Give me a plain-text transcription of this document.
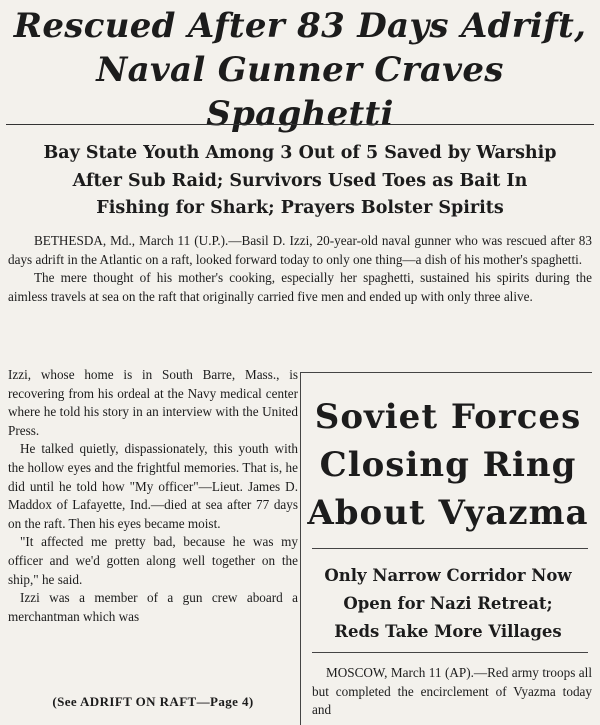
Rescued After 83 Days Adrift,
Naval Gunner Craves Spaghetti
Bay State Youth Among 3 Out of 5 Saved by Warship
After Sub Raid; Survivors Used Toes as Bait In
Fishing for Shark; Prayers Bolster Spirits

BETHESDA, Md., March 11 (U.P.).—Basil D. Izzi, 20-year-old naval gunner who was rescued after 83 days adrift in the Atlantic on a raft, looked forward today to only one thing—a dish of his mother's spaghetti.

The mere thought of his mother's cooking, especially her spaghetti, sustained his spirits during the aimless travels at sea on the raft that originally carried five men and ended up with only three alive.

Izzi, whose home is in South Barre, Mass., is recovering from his ordeal at the Navy medical center where he told his story in an interview with the United Press.

He talked quietly, dispassionately, this youth with the hollow eyes and the frightful memories. That is, he did until he told how "My officer"—Lieut. James D. Maddox of Lafayette, Ind.—died at sea after 77 days on the raft. Then his eyes became moist.

"It affected me pretty bad, because he was my officer and we'd gotten along well together on the ship," he said.

Izzi was a member of a gun crew aboard a merchantman which was

(See ADRIFT ON RAFT—Page 4)
Soviet Forces
Closing Ring
About Vyazma
Only Narrow Corridor Now
Open for Nazi Retreat;
Reds Take More Villages

MOSCOW, March 11 (AP).—Red army troops all but completed the encirclement of Vyazma today and
